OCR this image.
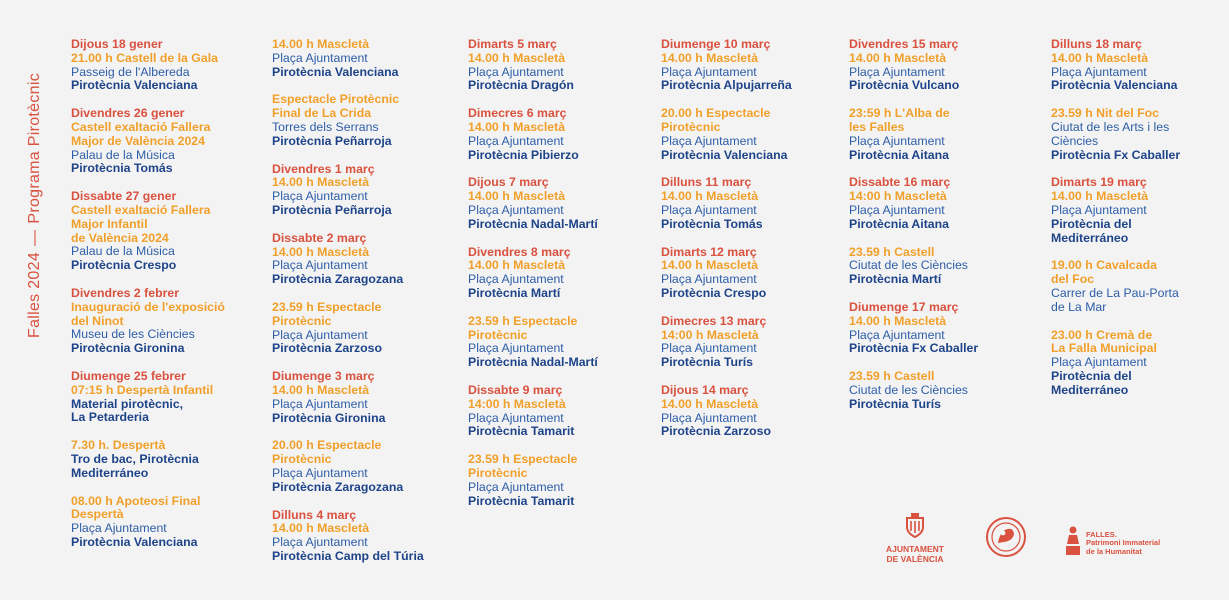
Falles 2024—Programa Pirotècnic
Dijous 18 gener
21.00 h Castell de la Gala
Passeig de l'Albereda
Pirotècnia Valenciana
Divendres 26 gener
Castell exaltació Fallera
Major de València 2024
Palau de la Música
Pirotècnia Tomás
Dissabte 27 gener
Castell exaltació Fallera
Major Infantil
de València 2024
Palau de la Música
Pirotècnia Crespo
Divendres 2 febrer
Inauguració de l'exposició
del Ninot
Museu de les Ciències
Pirotècnia Gironina
Diumenge 25 febrer
07:15 h Despertà Infantil
Material pirotècnic,
La Petarderia
7.30 h. Despertà
Tro de bac, Pirotècnia
Mediterráneo
08.00 h Apoteosi Final
Despertà
Plaça Ajuntament
Pirotècnia Valenciana
14.00 h Mascletà
Plaça Ajuntament
Pirotècnia Valenciana
Espectacle Pirotècnic
Final de La Crida
Torres dels Serrans
Pirotècnia Peñarroja
Divendres 1 març
14.00 h Mascletà
Plaça Ajuntament
Pirotècnia Peñarroja
Dissabte 2 març
14.00 h Mascletà
Plaça Ajuntament
Pirotècnia Zaragozana
23.59 h Espectacle
Pirotècnic
Plaça Ajuntament
Pirotècnia Zarzoso
Diumenge 3 març
14.00 h Mascletà
Plaça Ajuntament
Pirotècnia Gironina
20.00 h Espectacle
Pirotècnic
Plaça Ajuntament
Pirotècnia Zaragozana
Dilluns 4 març
14.00 h Mascletà
Plaça Ajuntament
Pirotècnia Camp del Túria
Dimarts 5 març
14.00 h Mascletà
Plaça Ajuntament
Pirotècnia Dragón
Dimecres 6 març
14.00 h Mascletà
Plaça Ajuntament
Pirotècnia Pibierzo
Dijous 7 març
14.00 h Mascletà
Plaça Ajuntament
Pirotècnia Nadal-Martí
Divendres 8 març
14.00 h Mascletà
Plaça Ajuntament
Pirotècnia Martí
23.59 h Espectacle
Pirotècnic
Plaça Ajuntament
Pirotècnia Nadal-Martí
Dissabte 9 març
14:00 h Mascletà
Plaça Ajuntament
Pirotècnia Tamarit
23.59 h Espectacle
Pirotècnic
Plaça Ajuntament
Pirotècnia Tamarit
Diumenge 10 març
14.00 h Mascletà
Plaça Ajuntament
Pirotècnia Alpujarreña
20.00 h Espectacle
Pirotècnic
Plaça Ajuntament
Pirotècnia Valenciana
Dilluns 11 març
14.00 h Mascletà
Plaça Ajuntament
Pirotècnia Tomás
Dimarts 12 març
14.00 h Mascletà
Plaça Ajuntament
Pirotècnia Crespo
Dimecres 13 març
14:00 h Mascletà
Plaça Ajuntament
Pirotècnia Turís
Dijous 14 març
14.00 h Mascletà
Plaça Ajuntament
Pirotècnia Zarzoso
Divendres 15 març
14.00 h Mascletà
Plaça Ajuntament
Pirotècnia Vulcano
23:59 h L'Alba de
les Falles
Plaça Ajuntament
Pirotècnia Aitana
Dissabte 16 març
14:00 h Mascletà
Plaça Ajuntament
Pirotècnia Aitana
23.59 h Castell
Ciutat de les Ciències
Pirotècnia Martí
Diumenge 17 març
14.00 h Mascletà
Plaça Ajuntament
Pirotècnia Fx Caballer
23.59 h Castell
Ciutat de les Ciències
Pirotècnia Turís
Dilluns 18 març
14.00 h Mascletà
Plaça Ajuntament
Pirotècnia Valenciana
23.59 h Nit del Foc
Ciutat de les Arts i les
Ciències
Pirotècnia Fx Caballer
Dimarts 19 març
14.00 h Mascletà
Plaça Ajuntament
Pirotècnia del
Mediterráneo
19.00 h Cavalcada
del Foc
Carrer de La Pau-Porta
de La Mar
23.00 h Cremà de
La Falla Municipal
Plaça Ajuntament
Pirotècnia del
Mediterráneo
AJUNTAMENT
DE VALÈNCIA
FALLES.
Patrimoni Immaterial
de la Humanitat
